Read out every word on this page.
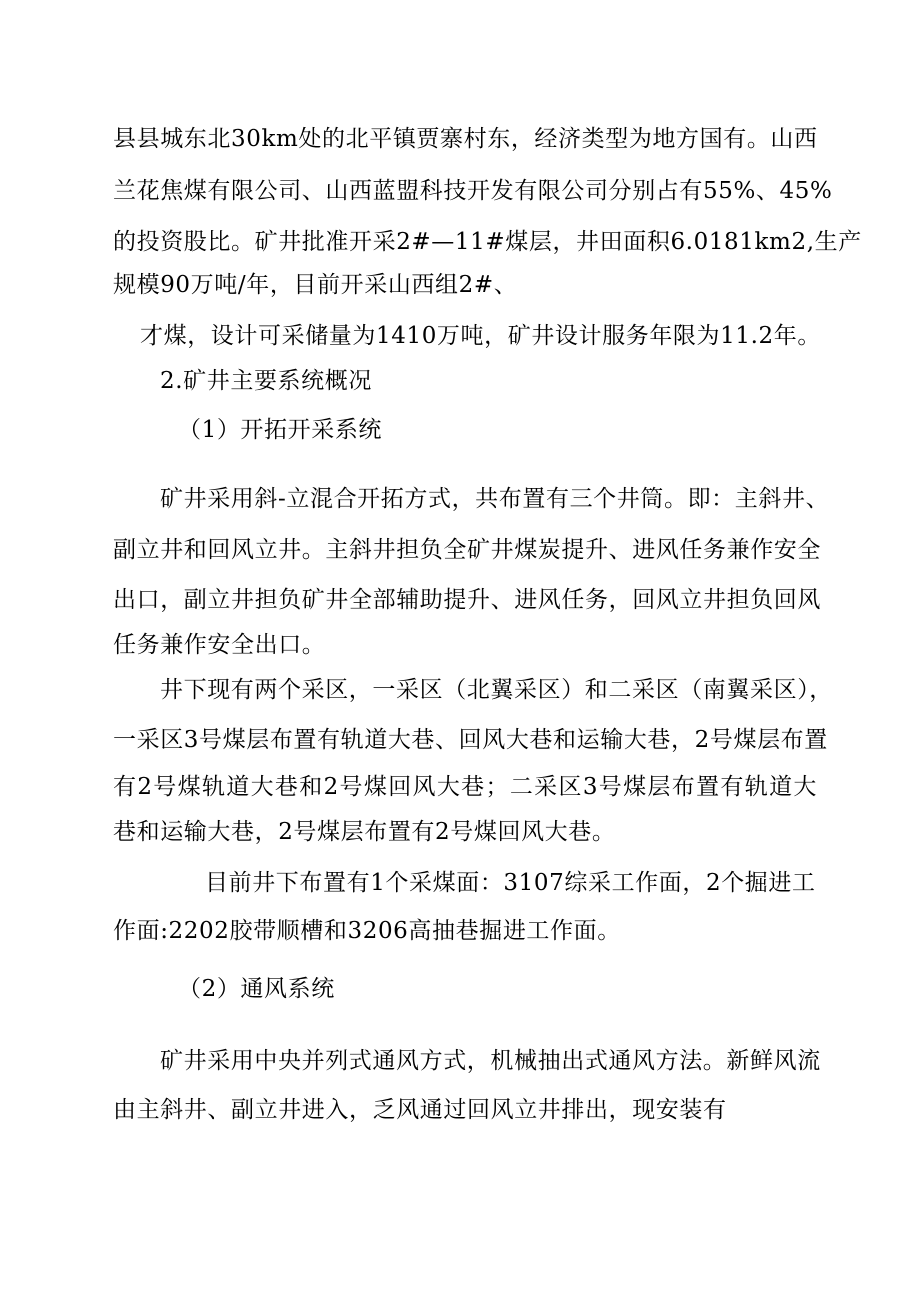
县县城东北30km处的北平镇贾寨村东，经济类型为地方国有。山西
兰花焦煤有限公司、山西蓝盟科技开发有限公司分别占有55%、45%
的投资股比。矿井批准开采2#—11#煤层，井田面积6.0181km2,生产
规模90万吨/年，目前开采山西组2#、
才煤，设计可采储量为1410万吨，矿井设计服务年限为11.2年。
2.矿井主要系统概况
（1）开拓开采系统
矿井采用斜-立混合开拓方式，共布置有三个井筒。即：主斜井、
副立井和回风立井。主斜井担负全矿井煤炭提升、进风任务兼作安全
出口，副立井担负矿井全部辅助提升、进风任务，回风立井担负回风
任务兼作安全出口。
井下现有两个采区，一采区（北翼采区）和二采区（南翼采区），
一采区3号煤层布置有轨道大巷、回风大巷和运输大巷，2号煤层布置
有2号煤轨道大巷和2号煤回风大巷；二采区3号煤层布置有轨道大
巷和运输大巷，2号煤层布置有2号煤回风大巷。
目前井下布置有1个采煤面：3107综采工作面，2个掘进工
作面:2202胶带顺槽和3206高抽巷掘进工作面。
（2）通风系统
矿井采用中央并列式通风方式，机械抽出式通风方法。新鲜风流
由主斜井、副立井进入，乏风通过回风立井排出，现安装有
